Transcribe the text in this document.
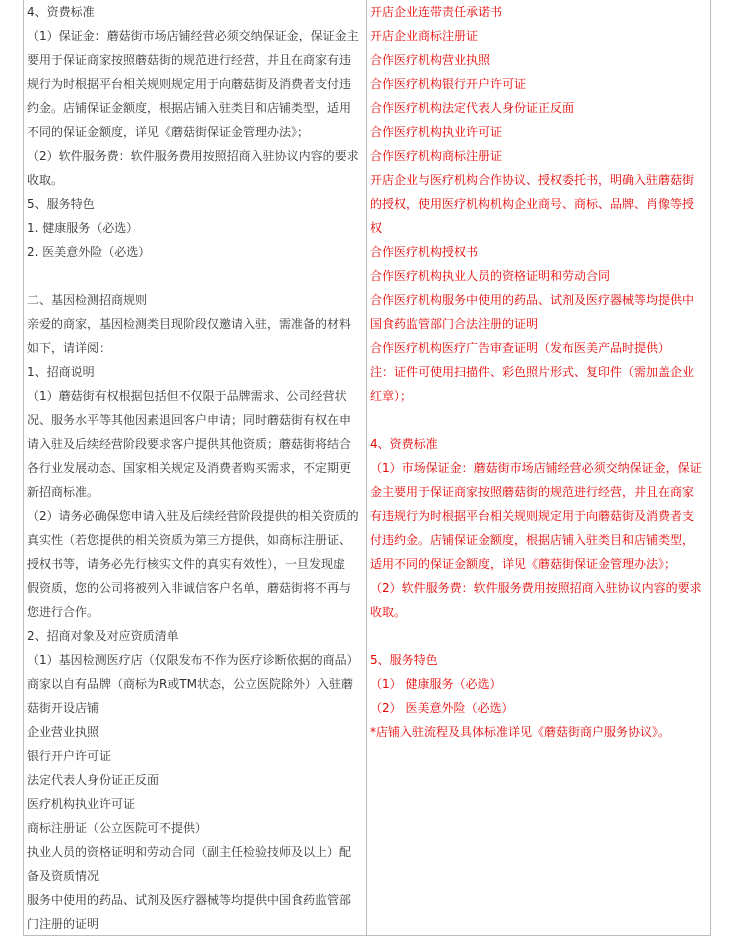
4、资费标准
（1）保证金：蘑菇街市场店铺经营必须交纳保证金，保证金主
要用于保证商家按照蘑菇街的规范进行经营，并且在商家有违
规行为时根据平台相关规则规定用于向蘑菇街及消费者支付违
约金。店铺保证金额度，根据店铺入驻类目和店铺类型，适用
不同的保证金额度，详见《蘑菇街保证金管理办法》；
（2）软件服务费：软件服务费用按照招商入驻协议内容的要求
收取。
5、服务特色
1. 健康服务（必选）
2. 医美意外险（必选）
二、基因检测招商规则
亲爱的商家，基因检测类目现阶段仅邀请入驻，需准备的材料
如下，请详阅：
1、招商说明
（1）蘑菇街有权根据包括但不仅限于品牌需求、公司经营状
况、服务水平等其他因素退回客户申请；同时蘑菇街有权在申
请入驻及后续经营阶段要求客户提供其他资质；蘑菇街将结合
各行业发展动态、国家相关规定及消费者购买需求，不定期更
新招商标准。
（2）请务必确保您申请入驻及后续经营阶段提供的相关资质的
真实性（若您提供的相关资质为第三方提供，如商标注册证、
授权书等，请务必先行核实文件的真实有效性），一旦发现虚
假资质，您的公司将被列入非诚信客户名单，蘑菇街将不再与
您进行合作。
2、招商对象及对应资质清单
（1）基因检测医疗店（仅限发布不作为医疗诊断依据的商品）
商家以自有品牌（商标为R或TM状态，公立医院除外）入驻蘑
菇街开设店铺
企业营业执照
银行开户许可证
法定代表人身份证正反面
医疗机构执业许可证
商标注册证（公立医院可不提供）
执业人员的资格证明和劳动合同（副主任检验技师及以上）配
备及资质情况
服务中使用的药品、试剂及医疗器械等均提供中国食药监管部
门注册的证明
开店企业连带责任承诺书
开店企业商标注册证
合作医疗机构营业执照
合作医疗机构银行开户许可证
合作医疗机构法定代表人身份证正反面
合作医疗机构执业许可证
合作医疗机构商标注册证
开店企业与医疗机构合作协议、授权委托书，明确入驻蘑菇街
的授权，使用医疗机构机构企业商号、商标、品牌、肖像等授
权
合作医疗机构授权书
合作医疗机构执业人员的资格证明和劳动合同
合作医疗机构服务中使用的药品、试剂及医疗器械等均提供中
国食药监管部门合法注册的证明
合作医疗机构医疗广告审查证明（发布医美产品时提供）
注：证件可使用扫描件、彩色照片形式、复印件（需加盖企业
红章）；
4、资费标准
（1）市场保证金：蘑菇街市场店铺经营必须交纳保证金，保证
金主要用于保证商家按照蘑菇街的规范进行经营，并且在商家
有违规行为时根据平台相关规则规定用于向蘑菇街及消费者支
付违约金。店铺保证金额度，根据店铺入驻类目和店铺类型，
适用不同的保证金额度，详见《蘑菇街保证金管理办法》；
（2）软件服务费：软件服务费用按照招商入驻协议内容的要求
收取。
5、服务特色
（1） 健康服务（必选）
（2） 医美意外险（必选）
*店铺入驻流程及具体标准详见《蘑菇街商户服务协议》。
